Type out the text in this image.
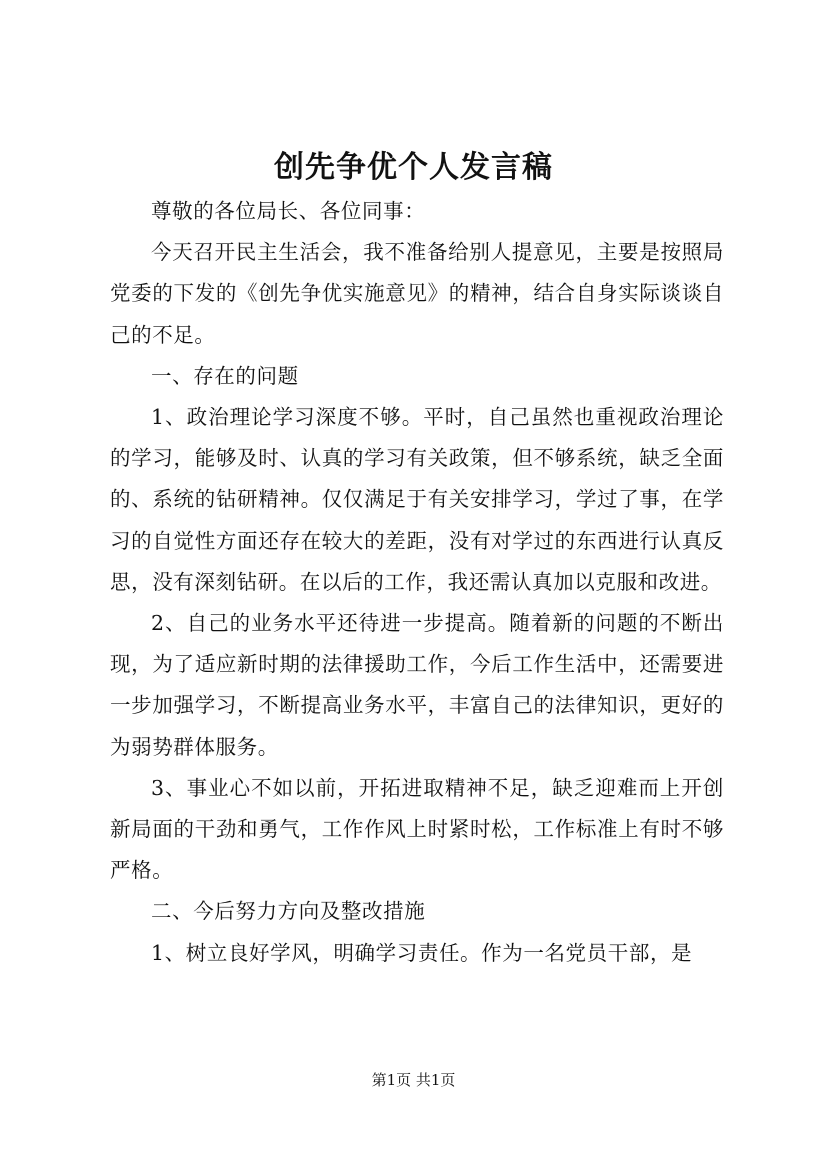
创先争优个人发言稿

尊敬的各位局长、各位同事：

今天召开民主生活会，我不准备给别人提意见，主要是按照局党委的下发的《创先争优实施意见》的精神，结合自身实际谈谈自己的不足。

一、存在的问题

1、政治理论学习深度不够。平时，自己虽然也重视政治理论的学习，能够及时、认真的学习有关政策，但不够系统，缺乏全面的、系统的钻研精神。仅仅满足于有关安排学习，学过了事，在学习的自觉性方面还存在较大的差距，没有对学过的东西进行认真反思，没有深刻钻研。在以后的工作，我还需认真加以克服和改进。

2、自己的业务水平还待进一步提高。随着新的问题的不断出现，为了适应新时期的法律援助工作，今后工作生活中，还需要进一步加强学习，不断提高业务水平，丰富自己的法律知识，更好的为弱势群体服务。

3、事业心不如以前，开拓进取精神不足，缺乏迎难而上开创新局面的干劲和勇气，工作作风上时紧时松，工作标准上有时不够严格。

二、今后努力方向及整改措施

1、树立良好学风，明确学习责任。作为一名党员干部，是

第1页 共1页
